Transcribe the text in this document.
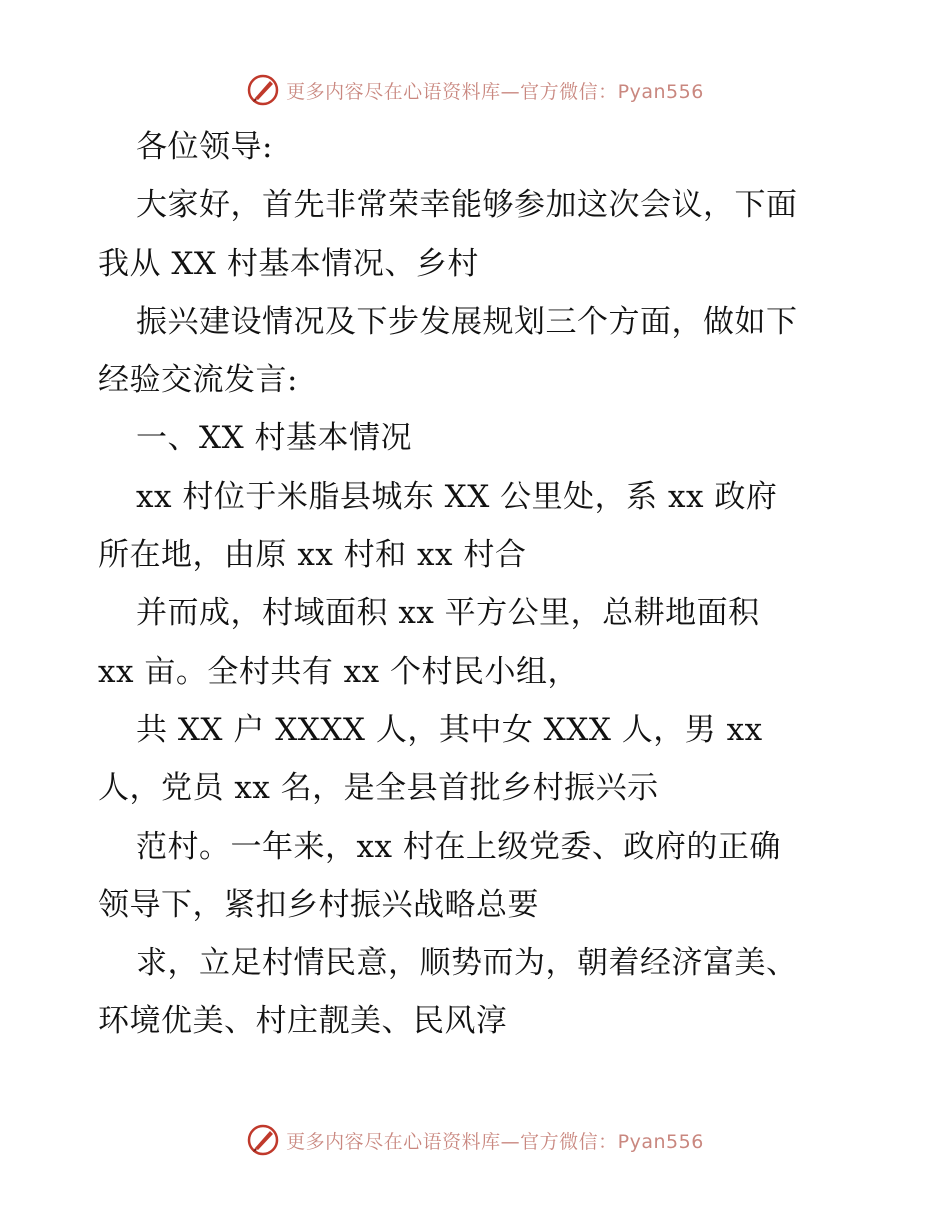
更多内容尽在心语资料库—官方微信：Pyan556
各位领导:
大家好，首先非常荣幸能够参加这次会议，下面
我从 XX 村基本情况、乡村
振兴建设情况及下步发展规划三个方面，做如下
经验交流发言:
一、XX 村基本情况
xx 村位于米脂县城东 XX 公里处，系 xx 政府
所在地，由原 xx 村和 xx 村合
并而成，村域面积 xx 平方公里，总耕地面积
xx 亩。全村共有 xx 个村民小组，
共 XX 户 XXXX 人，其中女 XXX 人，男 xx
人，党员 xx 名，是全县首批乡村振兴示
范村。一年来，xx 村在上级党委、政府的正确
领导下，紧扣乡村振兴战略总要
求，立足村情民意，顺势而为，朝着经济富美、
环境优美、村庄靓美、民风淳
更多内容尽在心语资料库—官方微信：Pyan556
